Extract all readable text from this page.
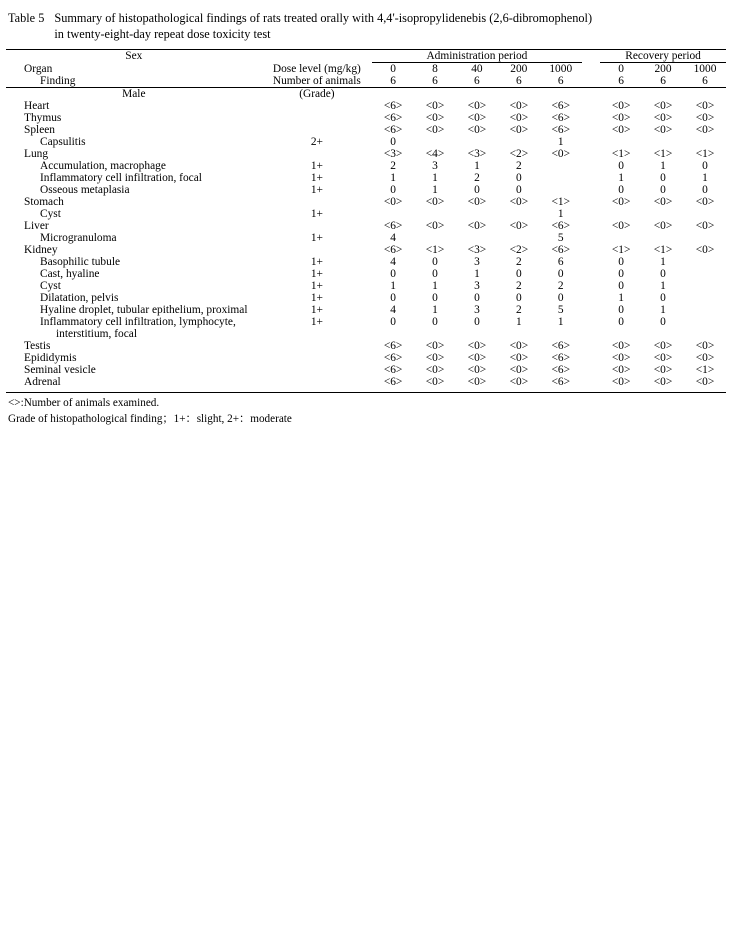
Table 5 Summary of histopathological findings of rats treated orally with 4,4'-isopropylidenebis (2,6-dibromophenol)
in twenty-eight-day repeat dose toxicity test
Sex		Administration period						Recovery period		
Organ	Dose level (mg/kg)	0	8	40	200	1000		0	200	1000
Finding	Number of animals	6	6	6	6	6		6	6	6
Male	(Grade)									
Heart		<6>	<0>	<0>	<0>	<6>		<0>	<0>	<0>
Thymus		<6>	<0>	<0>	<0>	<6>		<0>	<0>	<0>
Spleen		<6>	<0>	<0>	<0>	<6>		<0>	<0>	<0>
Capsulitis	2+	0				1				
Lung		<3>	<4>	<3>	<2>	<0>		<1>	<1>	<1>
Accumulation, macrophage	1+	2	3	1	2			0	1	0
Inflammatory cell infiltration, focal	1+	1	1	2	0			1	0	1
Osseous metaplasia	1+	0	1	0	0			0	0	0
Stomach		<0>	<0>	<0>	<0>	<1>		<0>	<0>	<0>
Cyst	1+					1				
Liver		<6>	<0>	<0>	<0>	<6>		<0>	<0>	<0>
Microgranuloma	1+	4				5				
Kidney		<6>	<1>	<3>	<2>	<6>		<1>	<1>	<0>
Basophilic tubule	1+	4	0	3	2	6		0	1	
Cast, hyaline	1+	0	0	1	0	0		0	0	
Cyst	1+	1	1	3	2	2		0	1	
Dilatation, pelvis	1+	0	0	0	0	0		1	0	
Hyaline droplet, tubular epithelium, proximal	1+	4	1	3	2	5		0	1	
Inflammatory cell infiltration, lymphocyte,
interstitium, focal	1+	0	0	0	1	1		0	0	
Testis		<6>	<0>	<0>	<0>	<6>		<0>	<0>	<0>
Epididymis		<6>	<0>	<0>	<0>	<6>		<0>	<0>	<0>
Seminal vesicle		<6>	<0>	<0>	<0>	<6>		<0>	<0>	<1>
Adrenal		<6>	<0>	<0>	<0>	<6>		<0>	<0>	<0>
<>:Number of animals examined.
Grade of histopathological finding；1+：slight, 2+：moderate
